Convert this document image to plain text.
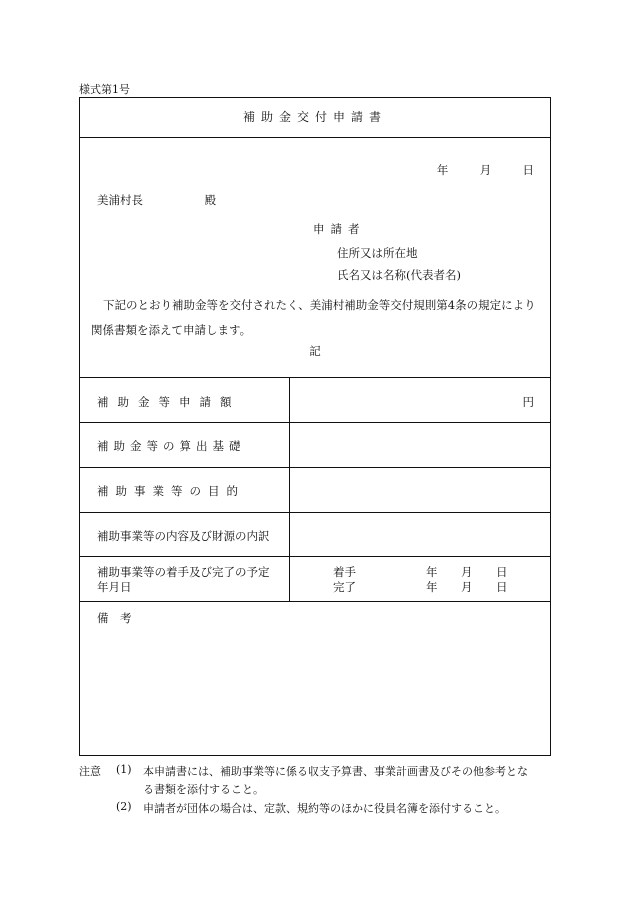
様式第1号
補助金交付申請書
年	月	日
美浦村長	殿
申請者
住所又は所在地
氏名又は名称(代表者名)
下記のとおり補助金等を交付されたく、美浦村補助金等交付規則第4条の規定により関係書類を添えて申請します。
記
補助金等申請額	円
補助金等の算出基礎
補助事業等の目的
補助事業等の内容及び財源の内訳
補助事業等の着手及び完了の予定
年月日
着手	年 月 日
完了	年 月 日
備　考
注意 (1) 本申請書には、補助事業等に係る収支予算書、事業計画書及びその他参考とな
る書類を添付すること。
(2) 申請者が団体の場合は、定款、規約等のほかに役員名簿を添付すること。
